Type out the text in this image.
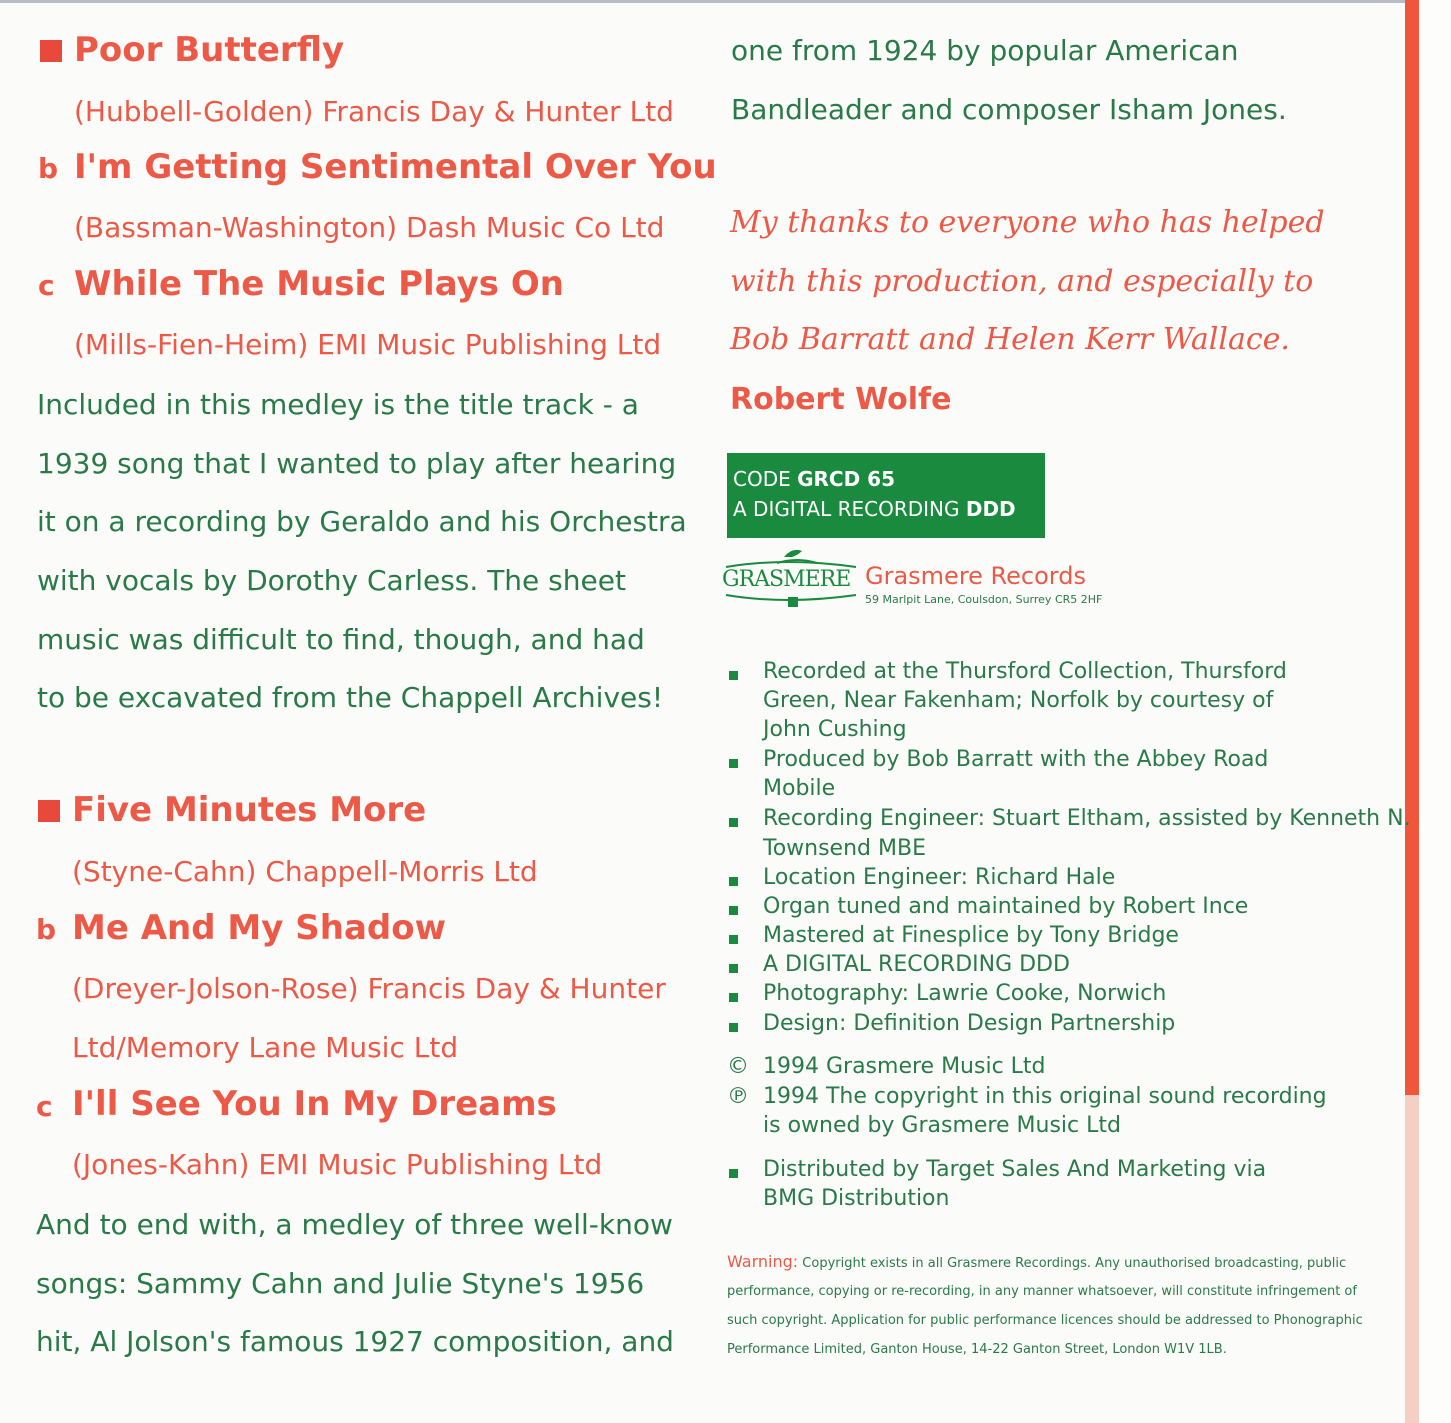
Poor Butterfly
(Hubbell-Golden) Francis Day & Hunter Ltd
b I'm Getting Sentimental Over You
(Bassman-Washington) Dash Music Co Ltd
c While The Music Plays On
(Mills-Fien-Heim) EMI Music Publishing Ltd
Included in this medley is the title track - a
1939 song that I wanted to play after hearing
it on a recording by Geraldo and his Orchestra
with vocals by Dorothy Carless. The sheet
music was difficult to find, though, and had
to be excavated from the Chappell Archives!
Five Minutes More
(Styne-Cahn) Chappell-Morris Ltd
b Me And My Shadow
(Dreyer-Jolson-Rose) Francis Day & Hunter
Ltd/Memory Lane Music Ltd
c I'll See You In My Dreams
(Jones-Kahn) EMI Music Publishing Ltd
And to end with, a medley of three well-know
songs: Sammy Cahn and Julie Styne's 1956
hit, Al Jolson's famous 1927 composition, and
one from 1924 by popular American
Bandleader and composer Isham Jones.
My thanks to everyone who has helped
with this production, and especially to
Bob Barratt and Helen Kerr Wallace.
Robert Wolfe
CODE GRCD 65
A DIGITAL RECORDING DDD
GRASMERE Grasmere Records
59 Marlpit Lane, Coulsdon, Surrey CR5 2HF
Recorded at the Thursford Collection, Thursford
Green, Near Fakenham; Norfolk by courtesy of
John Cushing
Produced by Bob Barratt with the Abbey Road
Mobile
Recording Engineer: Stuart Eltham, assisted by Kenneth N.
Townsend MBE
Location Engineer: Richard Hale
Organ tuned and maintained by Robert Ince
Mastered at Finesplice by Tony Bridge
A DIGITAL RECORDING DDD
Photography: Lawrie Cooke, Norwich
Design: Definition Design Partnership
© 1994 Grasmere Music Ltd
℗ 1994 The copyright in this original sound recording
is owned by Grasmere Music Ltd
Distributed by Target Sales And Marketing via
BMG Distribution
Warning: Copyright exists in all Grasmere Recordings. Any unauthorised broadcasting, public
performance, copying or re-recording, in any manner whatsoever, will constitute infringement of
such copyright. Application for public performance licences should be addressed to Phonographic
Performance Limited, Ganton House, 14-22 Ganton Street, London W1V 1LB.
